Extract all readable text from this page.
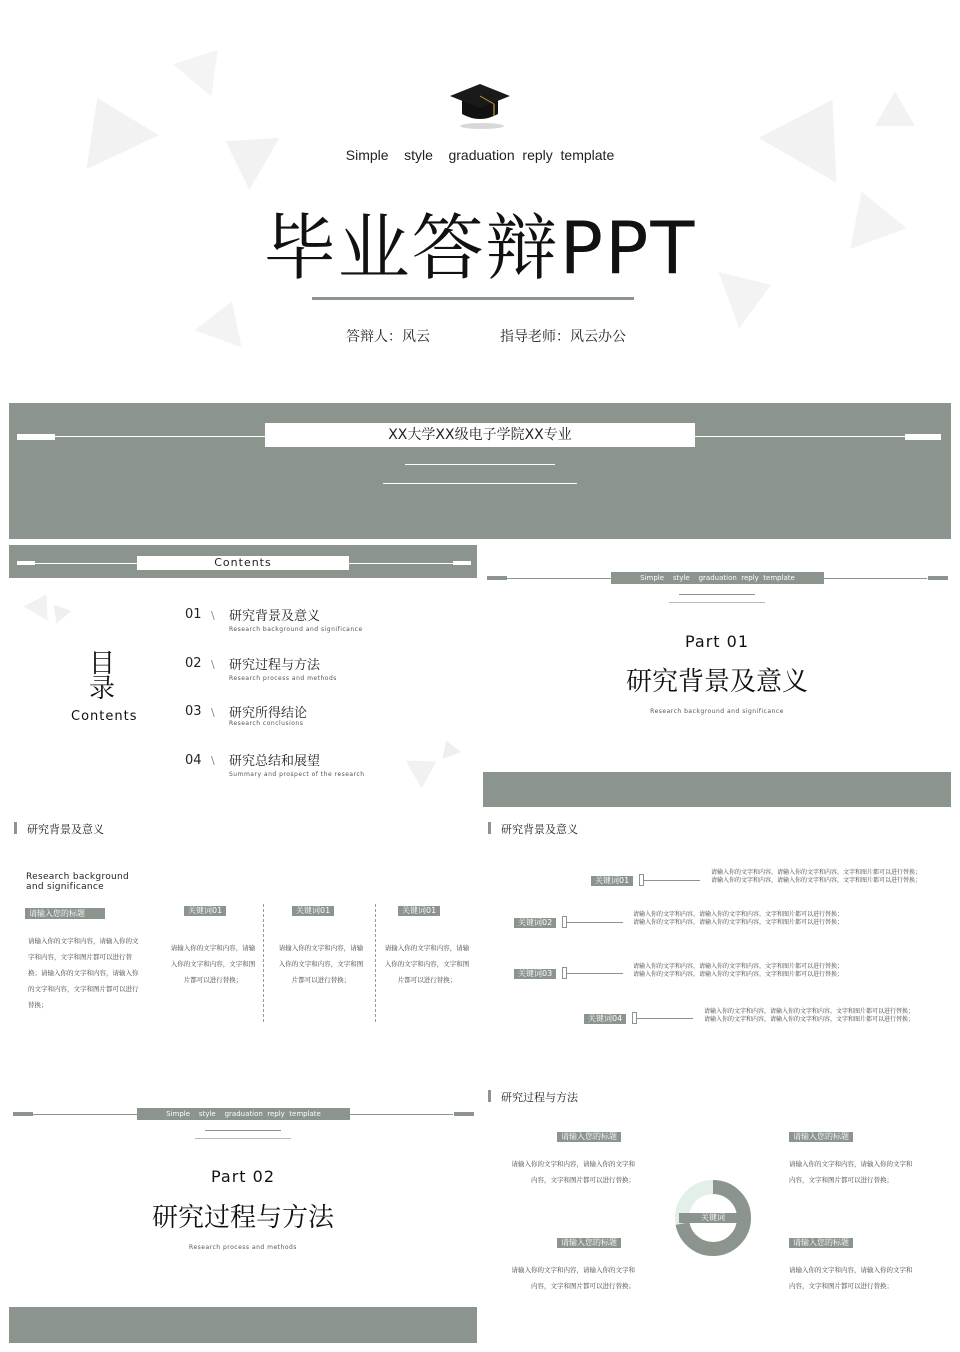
Simple    style    graduation  reply  template
毕业答辩PPT
答辩人：风云	指导老师：风云办公
XX大学XX级电子学院XX专业
Contents
目
录
Contents
01 \ 研究背景及意义
Research background and significance
02 \ 研究过程与方法
Research process and methods
03 \ 研究所得结论
Research conclusions
04 \ 研究总结和展望
Summary and prospect of the research
Simple    style    graduation  reply  template
Part 01
研究背景及意义
Research background and significance
研究背景及意义
Research background
and significance
请输入您的标题
请输入你的文字和内容，请输入你的文字和内容，文字和图片都可以进行替换；请输入你的文字和内容，请输入你的文字和内容，文字和图片都可以进行替换；
关键词01
请输入你的文字和内容，请输入你的文字和内容，文字和图片都可以进行替换；
关键词01
请输入你的文字和内容，请输入你的文字和内容，文字和图片都可以进行替换；
关键词01
请输入你的文字和内容，请输入你的文字和内容，文字和图片都可以进行替换；
研究背景及意义
关键词01
请输入你的文字和内容，请输入你的文字和内容，文字和图片都可以进行替换；请输入你的文字和内容，请输入你的文字和内容，文字和图片都可以进行替换；
关键词02
请输入你的文字和内容，请输入你的文字和内容，文字和图片都可以进行替换；请输入你的文字和内容，请输入你的文字和内容，文字和图片都可以进行替换；
关键词03
请输入你的文字和内容，请输入你的文字和内容，文字和图片都可以进行替换；请输入你的文字和内容，请输入你的文字和内容，文字和图片都可以进行替换；
关键词04
请输入你的文字和内容，请输入你的文字和内容，文字和图片都可以进行替换；请输入你的文字和内容，请输入你的文字和内容，文字和图片都可以进行替换；
Simple    style    graduation  reply  template
Part 02
研究过程与方法
Research process and methods
研究过程与方法
请输入您的标题
请输入你的文字和内容，请输入你的文字和内容，文字和图片都可以进行替换；
请输入您的标题
请输入你的文字和内容，请输入你的文字和内容，文字和图片都可以进行替换；
请输入您的标题
请输入你的文字和内容，请输入你的文字和内容，文字和图片都可以进行替换；
请输入您的标题
请输入你的文字和内容，请输入你的文字和内容，文字和图片都可以进行替换；
关键词
